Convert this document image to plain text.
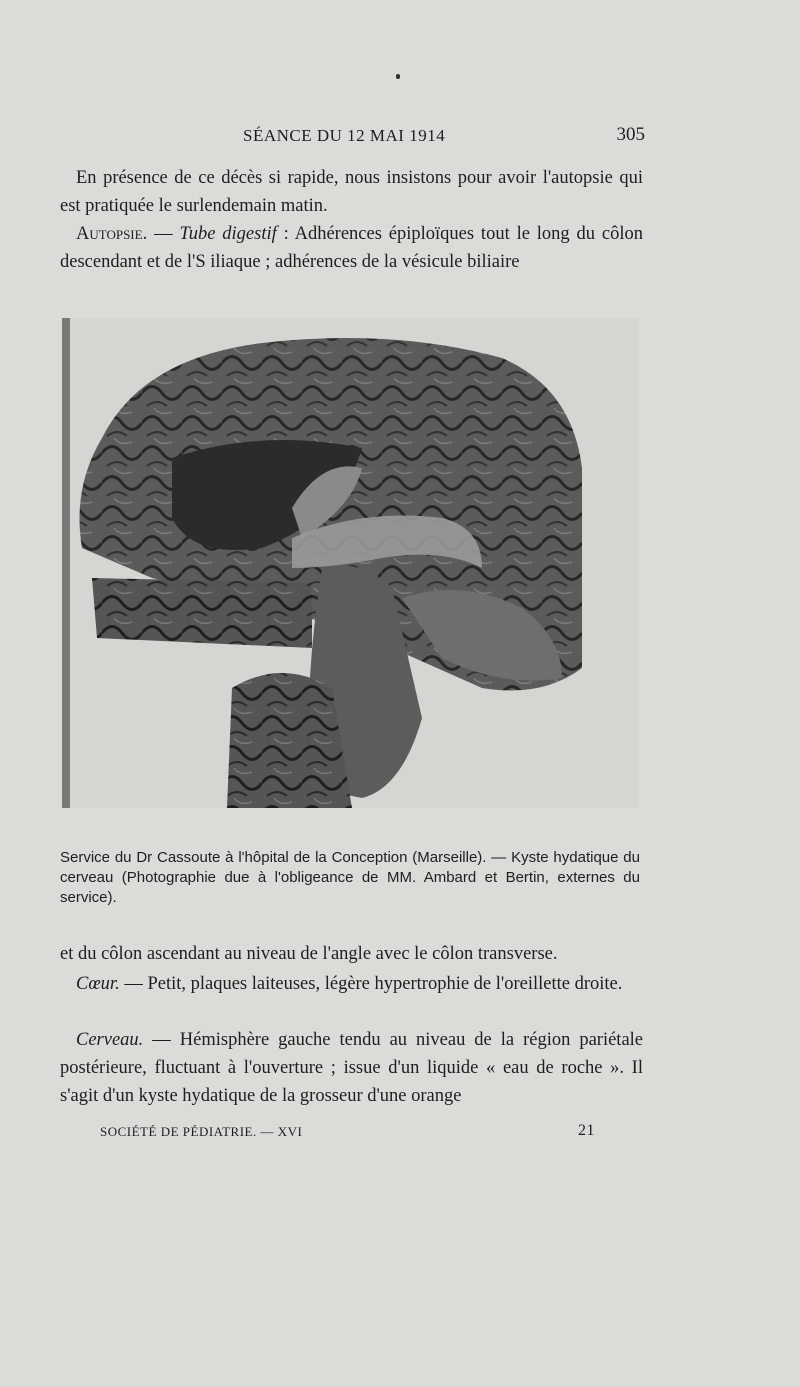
SÉANCE DU 12 MAI 1914	305

En présence de ce décès si rapide, nous insistons pour avoir l'autopsie qui est pratiquée le surlendemain matin.

Autopsie. — Tube digestif : Adhérences épiploïques tout le long du côlon descendant et de l'S iliaque ; adhérences de la vésicule biliaire

Service du Dr Cassoute à l'hôpital de la Conception (Marseille). — Kyste hydatique du cerveau (Photographie due à l'obligeance de MM. Ambard et Bertin, externes du service).

et du côlon ascendant au niveau de l'angle avec le côlon transverse.

Cœur. — Petit, plaques laiteuses, légère hypertrophie de l'oreillette droite.

Cerveau. — Hémisphère gauche tendu au niveau de la région pariétale postérieure, fluctuant à l'ouverture ; issue d'un liquide « eau de roche ». Il s'agit d'un kyste hydatique de la grosseur d'une orange

SOCIÉTÉ DE PÉDIATRIE. — XVI	21
